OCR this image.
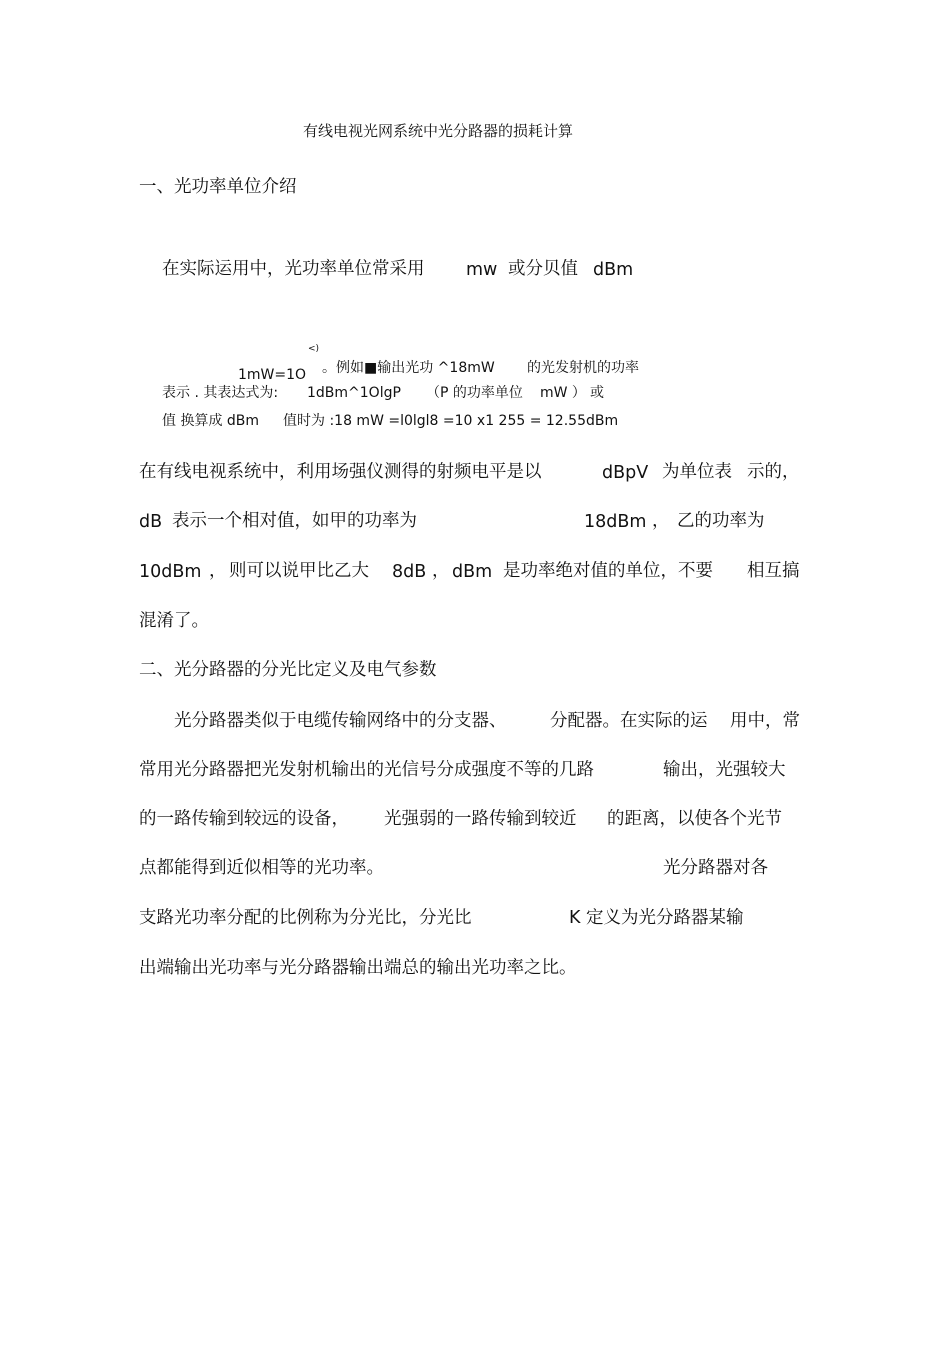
有线电视光网系统中光分路器的损耗计算
一、光功率单位介绍
在实际运用中，光功率单位常采用 mw 或分贝值 dBm
<)
1mW=1O 。例如■输出光功 ^18mW 的光发射机的功率
表示 . 其表达式为: 1dBm^1OlgP （P 的功率单位 mW ） 或
值 换算成 dBm 值时为 :18 mW =l0lgl8 =10 x1 255 = 12.55dBm
在有线电视系统中，利用场强仪测得的射频电平是以	dBpV 为单位表 示的，
dB 表示一个相对值，如甲的功率为	18dBm ， 乙的功率为
10dBm ， 则可以说甲比乙大 8dB ， dBm 是功率绝对值的单位，不要 相互搞
混淆了。
二、光分路器的分光比定义及电气参数
光分路器类似于电缆传输网络中的分支器、 分配器。在实际的运 用中，常
常用光分路器把光发射机输出的光信号分成强度不等的几路	输出，光强较大
的一路传输到较远的设备， 光强弱的一路传输到较近 的距离，以使各个光节
点都能得到近似相等的光功率。	光分路器对各
支路光功率分配的比例称为分光比，分光比	K 定义为光分路器某输
出端输出光功率与光分路器输出端总的输出光功率之比。
